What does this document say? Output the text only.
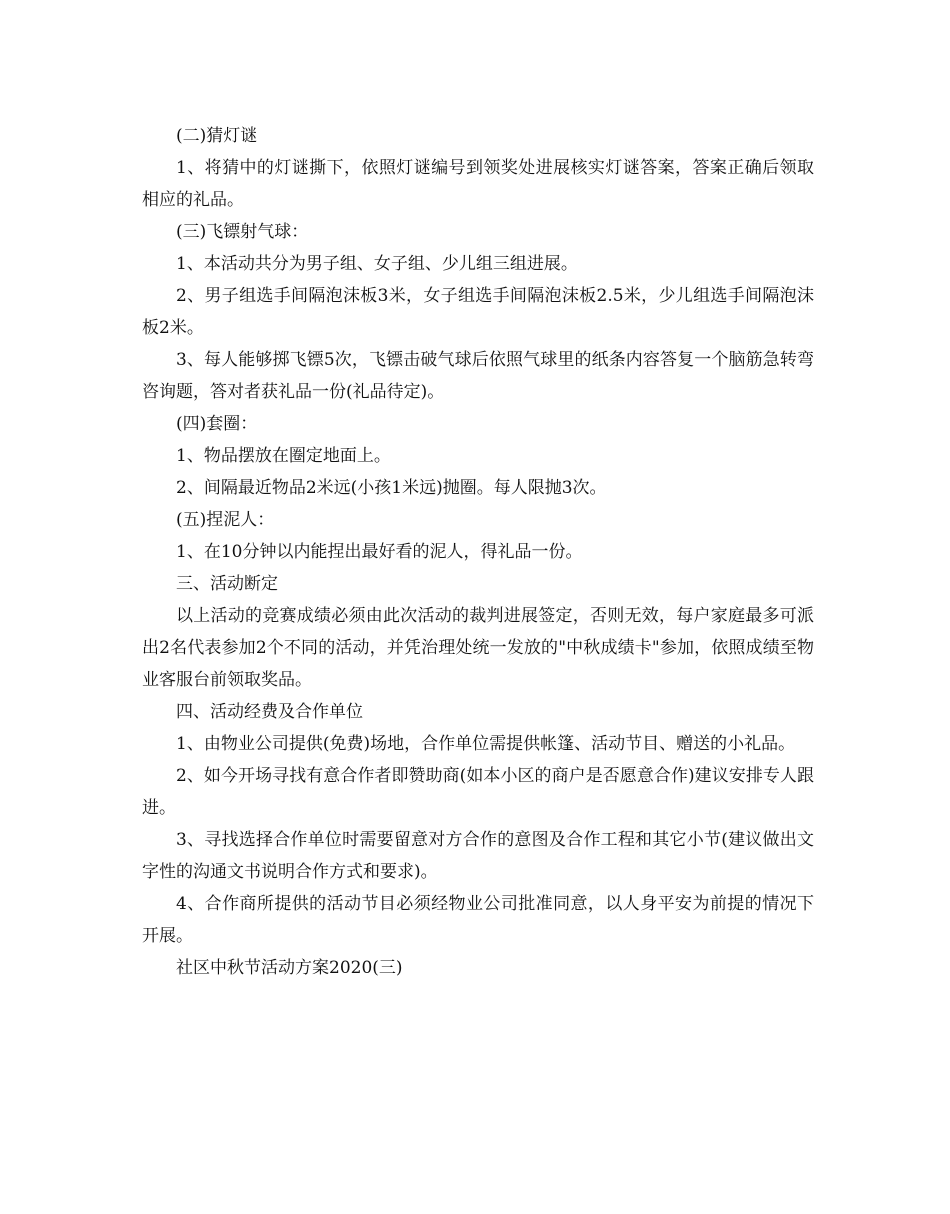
(二)猜灯谜

1、将猜中的灯谜撕下，依照灯谜编号到领奖处进展核实灯谜答案，答案正确后领取相应的礼品。

(三)飞镖射气球：

1、本活动共分为男子组、女子组、少儿组三组进展。

2、男子组选手间隔泡沫板3米，女子组选手间隔泡沫板2.5米，少儿组选手间隔泡沫板2米。

3、每人能够掷飞镖5次，飞镖击破气球后依照气球里的纸条内容答复一个脑筋急转弯咨询题，答对者获礼品一份(礼品待定)。

(四)套圈：

1、物品摆放在圈定地面上。

2、间隔最近物品2米远(小孩1米远)抛圈。每人限抛3次。

(五)捏泥人：

1、在10分钟以内能捏出最好看的泥人，得礼品一份。

三、活动断定

以上活动的竞赛成绩必须由此次活动的裁判进展签定，否则无效，每户家庭最多可派出2名代表参加2个不同的活动，并凭治理处统一发放的"中秋成绩卡"参加，依照成绩至物业客服台前领取奖品。

四、活动经费及合作单位

1、由物业公司提供(免费)场地，合作单位需提供帐篷、活动节目、赠送的小礼品。

2、如今开场寻找有意合作者即赞助商(如本小区的商户是否愿意合作)建议安排专人跟进。

3、寻找选择合作单位时需要留意对方合作的意图及合作工程和其它小节(建议做出文字性的沟通文书说明合作方式和要求)。

4、合作商所提供的活动节目必须经物业公司批准同意，以人身平安为前提的情况下开展。

社区中秋节活动方案2020(三)
